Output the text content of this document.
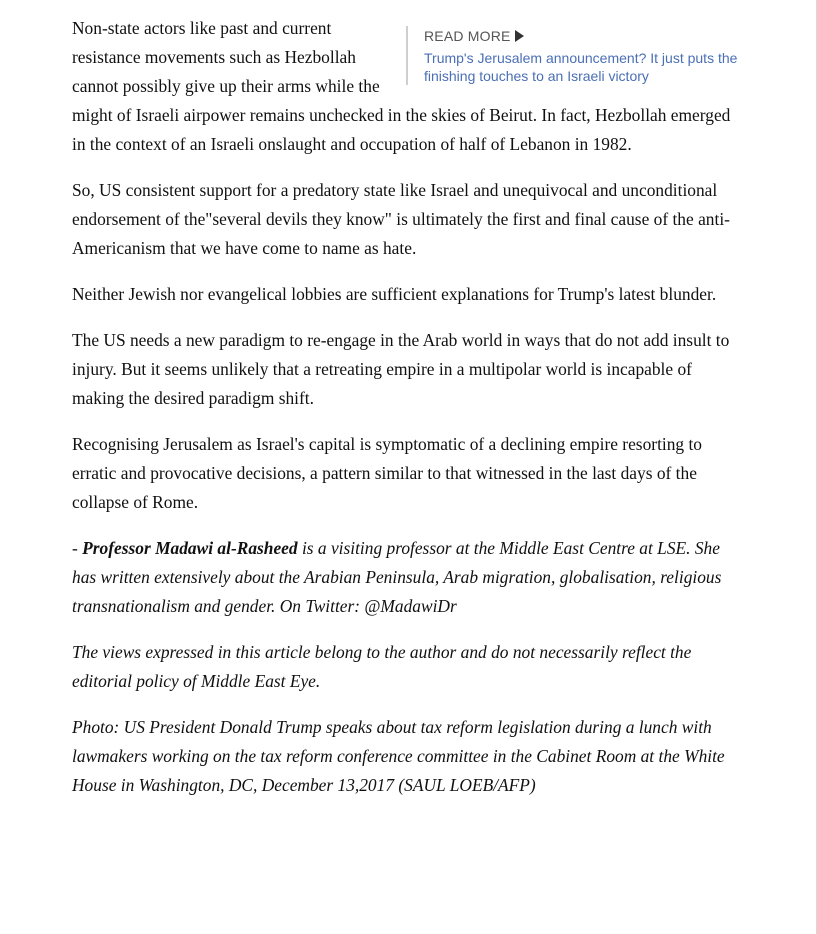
READ MORE
Trump's Jerusalem announcement? It just puts the finishing touches to an Israeli victory

Non-state actors like past and current resistance movements such as Hezbollah cannot possibly give up their arms while the might of Israeli airpower remains unchecked in the skies of Beirut. In fact, Hezbollah emerged in the context of an Israeli onslaught and occupation of half of Lebanon in 1982.

So, US consistent support for a predatory state like Israel and unequivocal and unconditional endorsement of the"several devils they know" is ultimately the first and final cause of the anti-Americanism that we have come to name as hate.

Neither Jewish nor evangelical lobbies are sufficient explanations for Trump's latest blunder.

The US needs a new paradigm to re-engage in the Arab world in ways that do not add insult to injury. But it seems unlikely that a retreating empire in a multipolar world is incapable of making the desired paradigm shift.

Recognising Jerusalem as Israel's capital is symptomatic of a declining empire resorting to erratic and provocative decisions, a pattern similar to that witnessed in the last days of the collapse of Rome.

- Professor Madawi al-Rasheed is a visiting professor at the Middle East Centre at LSE. She has written extensively about the Arabian Peninsula, Arab migration, globalisation, religious transnationalism and gender. On Twitter: @MadawiDr

The views expressed in this article belong to the author and do not necessarily reflect the editorial policy of Middle East Eye.

Photo: US President Donald Trump speaks about tax reform legislation during a lunch with lawmakers working on the tax reform conference committee in the Cabinet Room at the White House in Washington, DC, December 13,2017 (SAUL LOEB/AFP)
